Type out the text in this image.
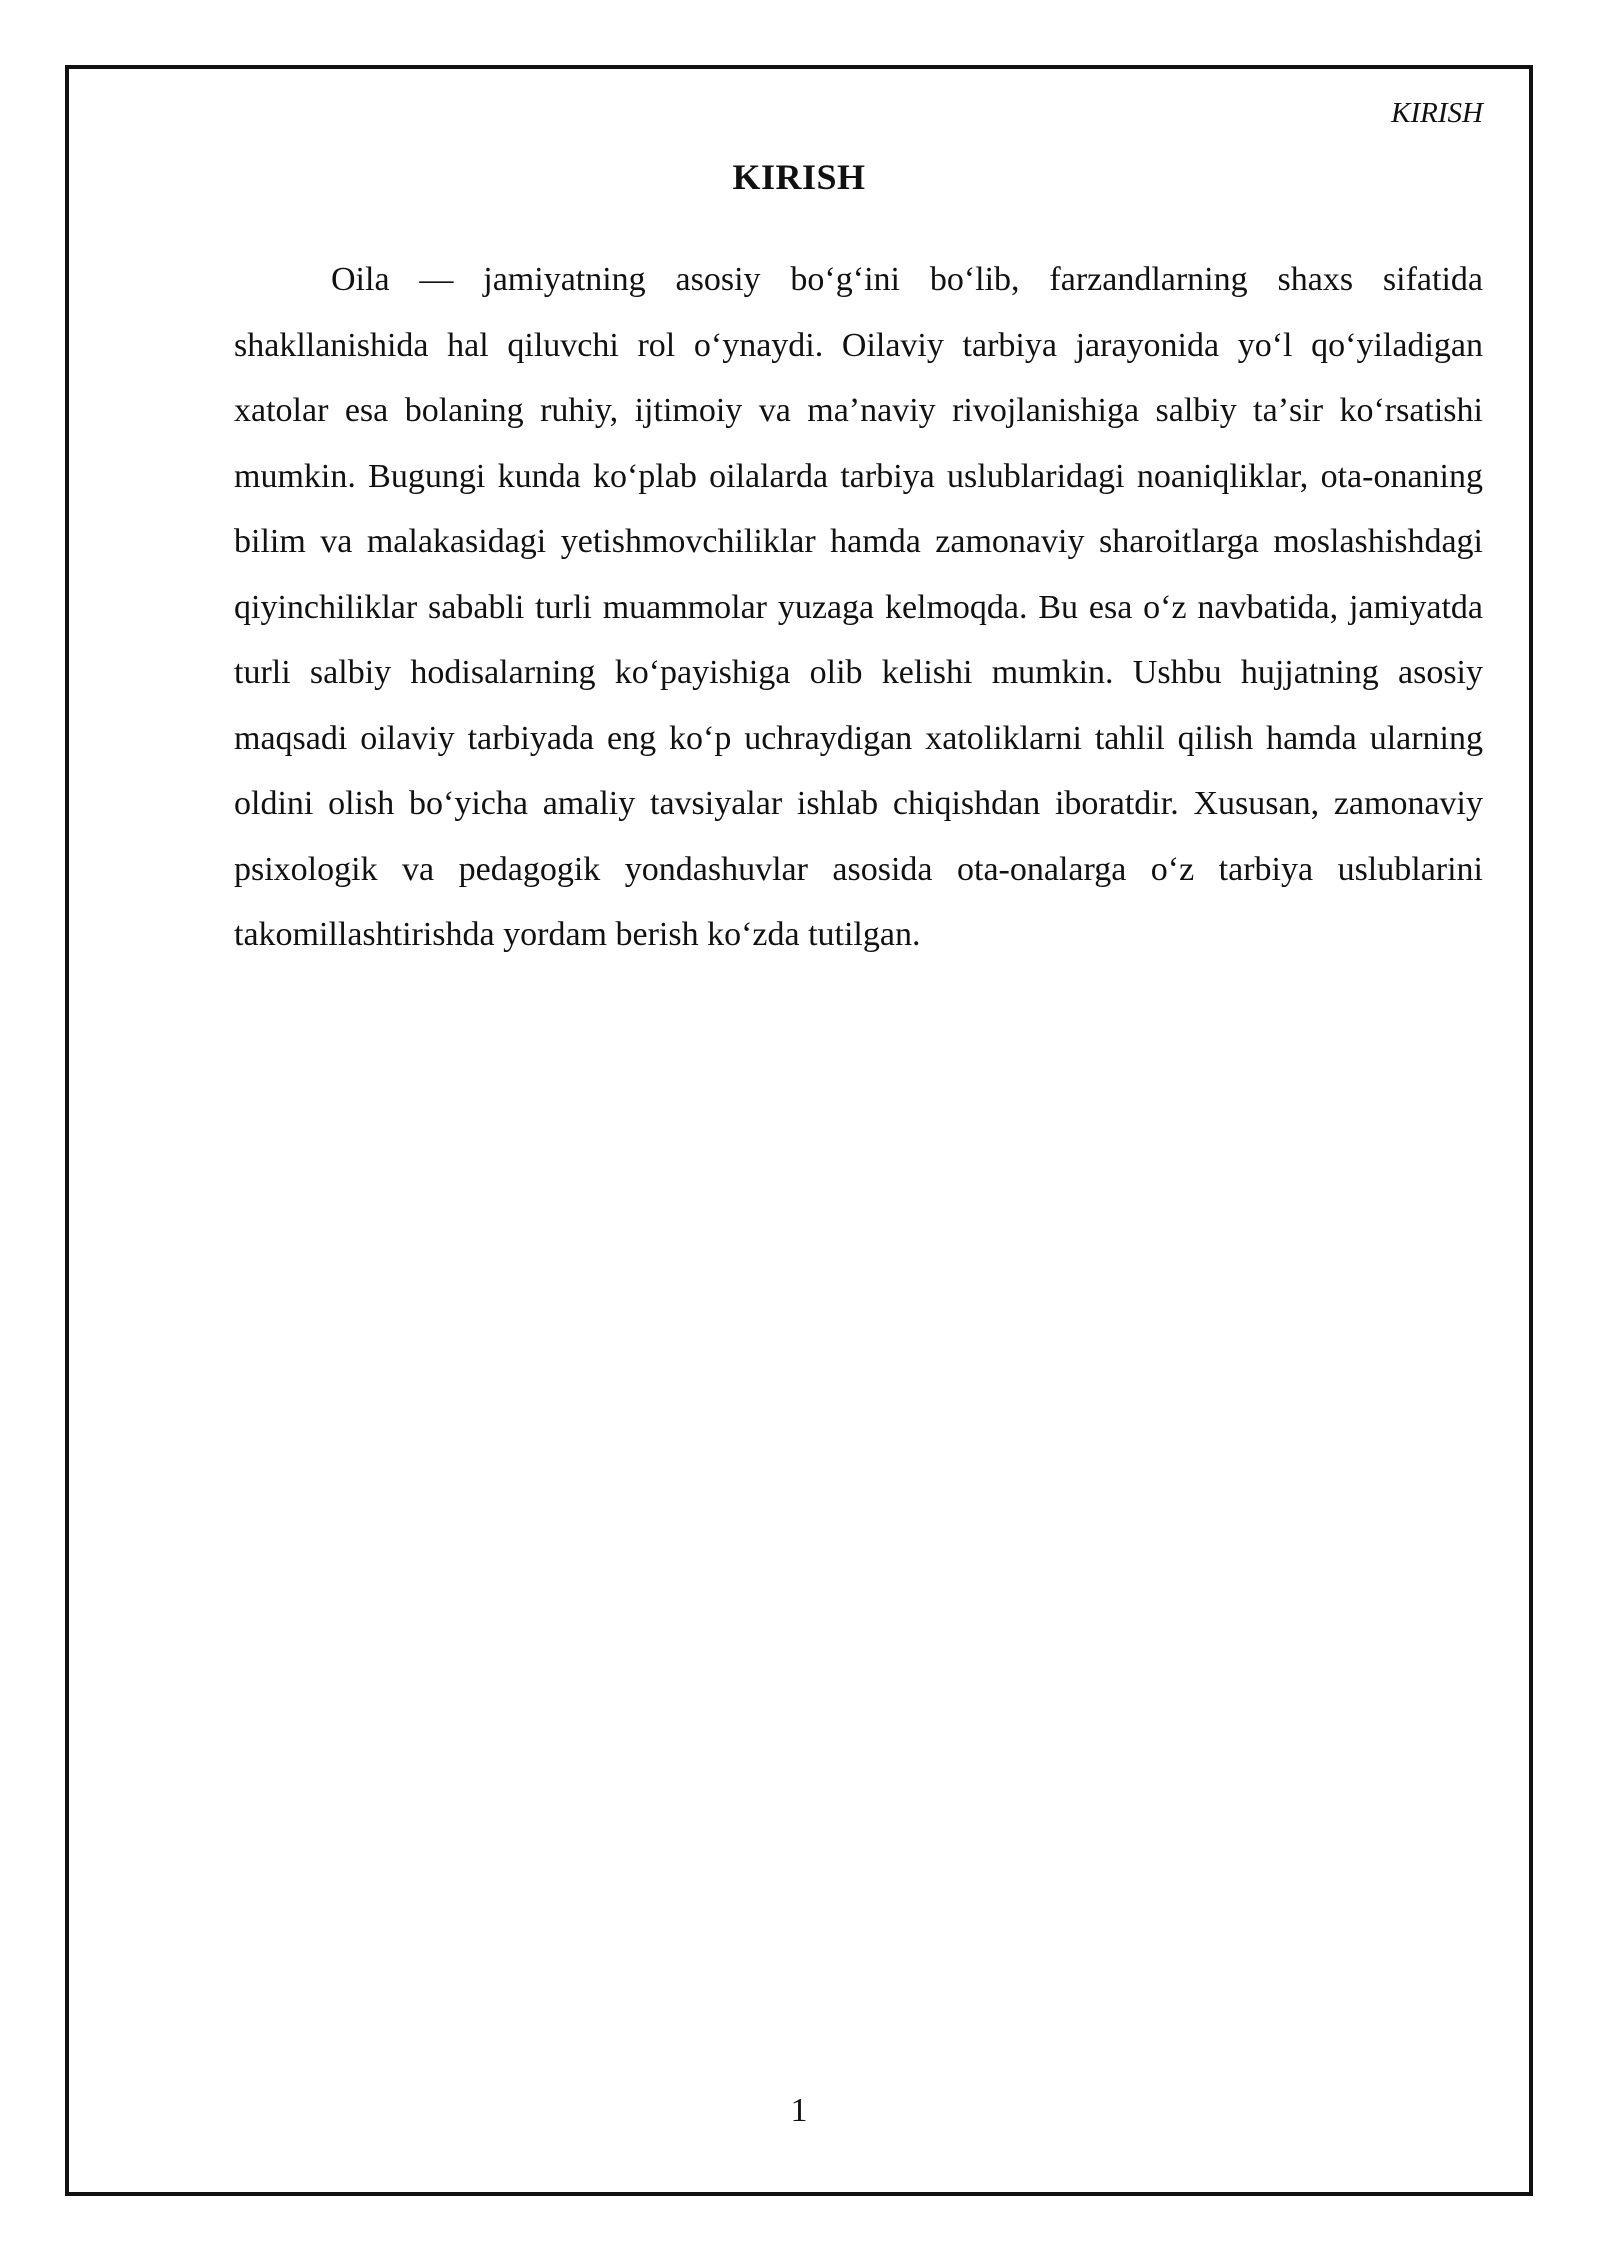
KIRISH
KIRISH

Oila — jamiyatning asosiy boʻgʻini boʻlib, farzandlarning shaxs sifatida shakllanishida hal qiluvchi rol oʻynaydi. Oilaviy tarbiya jarayonida yoʻl qoʻyiladigan xatolar esa bolaning ruhiy, ijtimoiy va maʼnaviy rivojlanishiga salbiy taʼsir koʻrsatishi mumkin. Bugungi kunda koʻplab oilalarda tarbiya uslublaridagi noaniqliklar, ota-onaning bilim va malakasidagi yetishmovchiliklar hamda zamonaviy sharoitlarga moslashishdagi qiyinchiliklar sababli turli muammolar yuzaga kelmoqda. Bu esa oʻz navbatida, jamiyatda turli salbiy hodisalarning koʻpayishiga olib kelishi mumkin. Ushbu hujjatning asosiy maqsadi oilaviy tarbiyada eng koʻp uchraydigan xatoliklarni tahlil qilish hamda ularning oldini olish boʻyicha amaliy tavsiyalar ishlab chiqishdan iboratdir. Xususan, zamonaviy psixologik va pedagogik yondashuvlar asosida ota-onalarga oʻz tarbiya uslublarini takomillashtirishda yordam berish koʻzda tutilgan.

1
